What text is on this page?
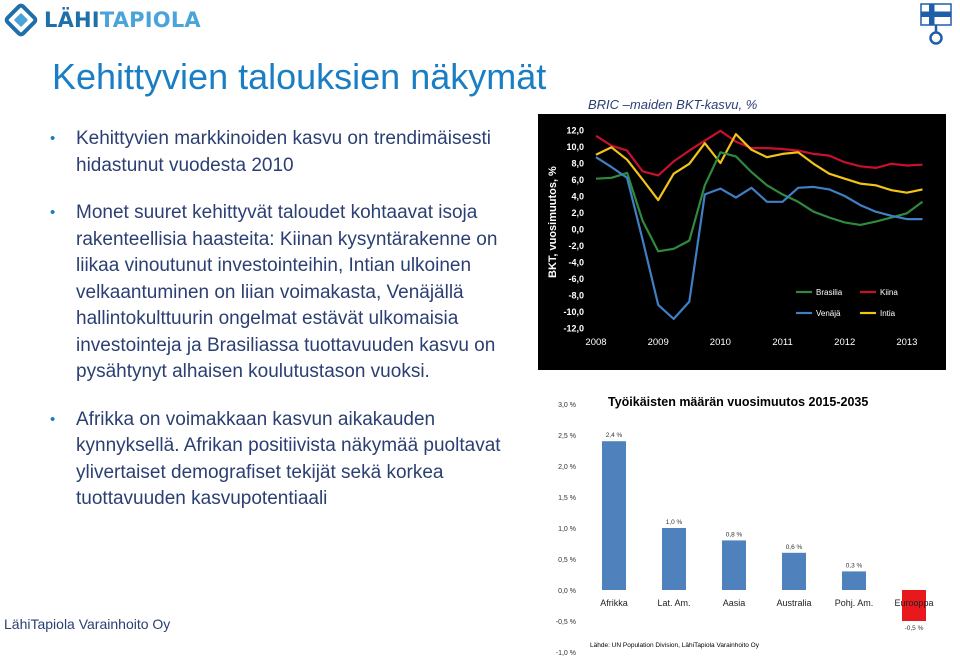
LÄHITAPIOLA
Kehittyvien talouksien näkymät
• Kehittyvien markkinoiden kasvu on trendimäisesti hidastunut vuodesta 2010
• Monet suuret kehittyvät taloudet kohtaavat isoja rakenteellisia haasteita: Kiinan kysyntärakenne on liikaa vinoutunut investointeihin, Intian ulkoinen velkaantuminen on liian voimakasta, Venäjällä hallintokulttuurin ongelmat estävät ulkomaisia investointeja ja Brasiliassa tuottavuuden kasvu on pysähtynyt alhaisen koulutustason vuoksi.
• Afrikka on voimakkaan kasvun aikakauden kynnyksellä. Afrikan positiivista näkymää puoltavat ylivertaiset demografiset tekijät sekä korkea tuottavuuden kasvupotentiaali
LähiTapiola Varainhoito Oy
BRIC –maiden BKT-kasvu, %
BKT, vuosimuutos, %
12,0
10,0
8,0
6,0
4,0
2,0
0,0
-2,0
-4,0
-6,0
-8,0
-10,0
-12,0
2008	2009	2010	2011	2012	2013
Brasilia	Kiina
Venäjä	Intia
Lähde: Bloomberg, LähiTapiola Varainhoito Oy
Työikäisten määrän vuosimuutos 2015-2035
3,0 %
2,5 %
2,0 %
1,5 %
1,0 %
0,5 %
0,0 %
-0,5 %
-1,0 %
2,4 %
1,0 %
0,8 %
0,6 %
0,3 %
-0,5 %
Afrikka	Lat. Am.	Aasia	Australia	Pohj. Am. Eurooppa
Lähde: UN Population Division, LähiTapiola Varainhoito Oy
